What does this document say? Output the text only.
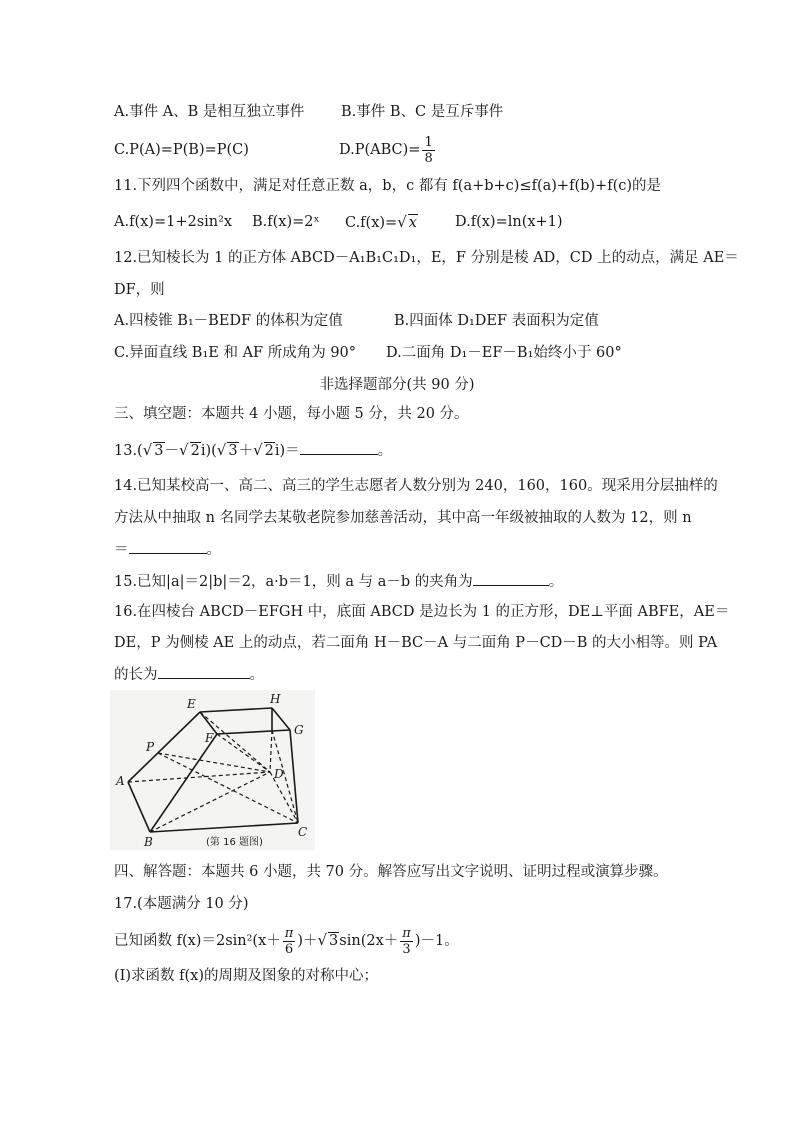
A.事件 A、B 是相互独立事件	B.事件 B、C 是互斥事件
C.P(A)=P(B)=P(C)	$D.P(ABC)= \frac{1}{8}$
11.下列四个函数中，满足对任意正数 a，b，c 都有 f(a+b+c)≤f(a)+f(b)+f(c)的是
A.f(x)=1+2sin²x B.f(x)=2ˣ C.f(x)=√ x	D.f(x)=ln(x+1)
12.已知棱长为 1 的正方体 ABCD－A₁B₁C₁D₁，E，F 分别是棱 AD，CD 上的动点，满足 AE＝
DF，则
A.四棱锥 B₁－BEDF 的体积为定值	B.四面体 D₁DEF 表面积为定值
C.异面直线 B₁E 和 AF 所成角为 90° D.二面角 D₁－EF－B₁始终小于 60°
非选择题部分(共 90 分)
三、填空题：本题共 4 小题，每小题 5 分，共 20 分。
13.(√ 3－√ 2i)(√ 3＋√ 2i)＝	。
14.已知某校高一、高二、高三的学生志愿者人数分别为 240，160，160。现采用分层抽样的
方法从中抽取 n 名同学去某敬老院参加慈善活动，其中高一年级被抽取的人数为 12，则 n
＝	。
15.已知|a|＝2|b|＝2，a·b＝1，则 a 与 a－b 的夹角为	。
16.在四棱台 ABCD－EFGH 中，底面 ABCD 是边长为 1 的正方形，DE⊥平面 ABFE，AE＝
DE，P 为侧棱 AE 上的动点，若二面角 H－BC－A 与二面角 P－CD－B 的大小相等。则 PA
的长为	。
E	H
P
F
G
A	D
B
C
(第 16 题图)
四、解答题：本题共 6 小题，共 70 分。解答应写出文字说明、证明过程或演算步骤。
17.(本题满分 10 分)
已知函数 $f(x)=2\sin^2(x+ \frac{\pi}{6}$ )＋√ $3\sin(2x+ \frac{\pi}{3} )-1$。
(I)求函数 f(x)的周期及图象的对称中心；
